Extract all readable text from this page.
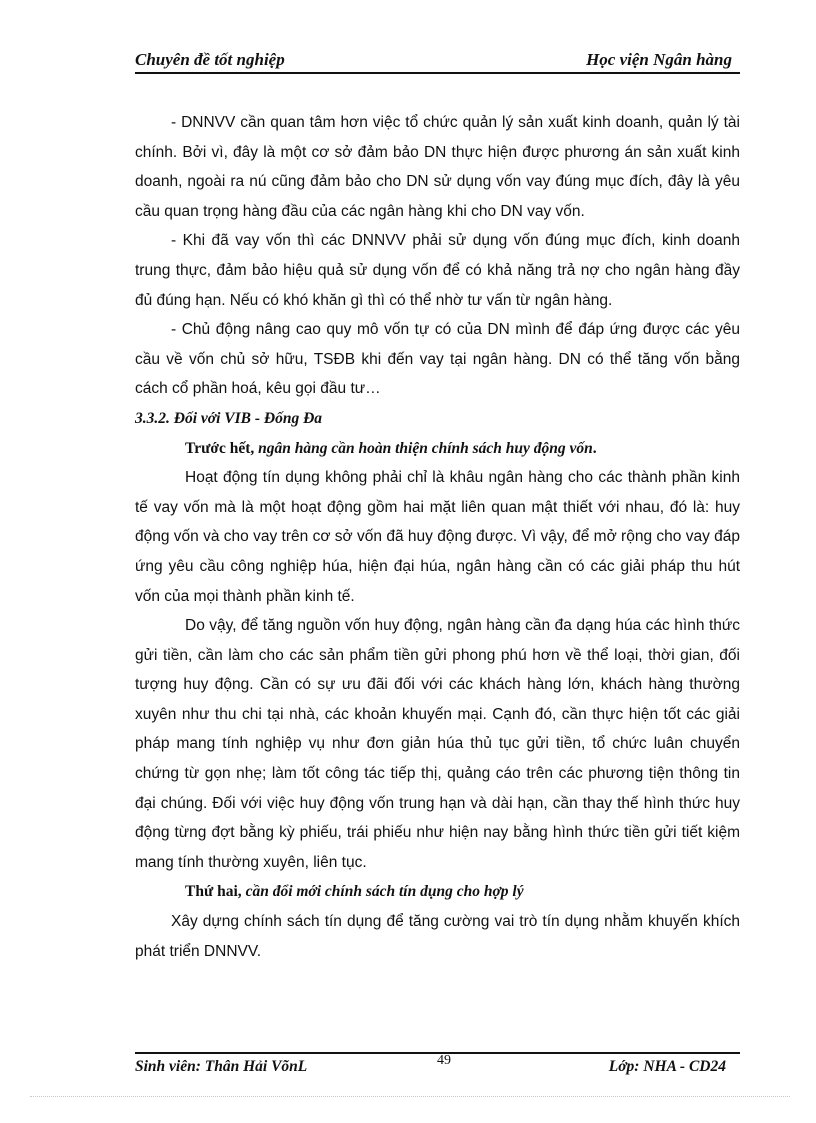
Chuyên đề tốt nghiệp	Học viện Ngân hàng

- DNNVV cần quan tâm hơn việc tổ chức quản lý sản xuất kinh doanh, quản lý tài chính. Bởi vì, đây là một cơ sở đảm bảo DN thực hiện được phương án sản xuất kinh doanh, ngoài ra nú cũng đảm bảo cho DN sử dụng vốn vay đúng mục đích, đây là yêu cầu quan trọng hàng đầu của các ngân hàng khi cho DN vay vốn.

- Khi đã vay vốn thì các DNNVV phải sử dụng vốn đúng mục đích, kinh doanh trung thực, đảm bảo hiệu quả sử dụng vốn để có khả năng trả nợ cho ngân hàng đầy đủ đúng hạn. Nếu có khó khăn gì thì có thể nhờ tư vấn từ ngân hàng.

- Chủ động nâng cao quy mô vốn tự có của DN mình để đáp ứng được các yêu cầu về vốn chủ sở hữu, TSĐB khi đến vay tại ngân hàng. DN có thể tăng vốn bằng cách cổ phần hoá, kêu gọi đầu tư…

3.3.2. Đối với VIB - Đống Đa

Trước hết, ngân hàng cần hoàn thiện chính sách huy động vốn.

Hoạt động tín dụng không phải chỉ là khâu ngân hàng cho các thành phần kinh tế vay vốn mà là một hoạt động gồm hai mặt liên quan mật thiết với nhau, đó là: huy động vốn và cho vay trên cơ sở vốn đã huy động được. Vì vậy, để mở rộng cho vay đáp ứng yêu cầu công nghiệp húa, hiện đại húa, ngân hàng cần có các giải pháp thu hút vốn của mọi thành phần kinh tế.

Do vậy, để tăng nguồn vốn huy động, ngân hàng cần đa dạng húa các hình thức gửi tiền, cần làm cho các sản phẩm tiền gửi phong phú hơn về thể loại, thời gian, đối tượng huy động. Cần có sự ưu đãi đối với các khách hàng lớn, khách hàng thường xuyên như thu chi tại nhà, các khoản khuyến mại. Cạnh đó, cần thực hiện tốt các giải pháp mang tính nghiệp vụ như đơn giản húa thủ tục gửi tiền, tổ chức luân chuyển chứng từ gọn nhẹ; làm tốt công tác tiếp thị, quảng cáo trên các phương tiện thông tin đại chúng. Đối với việc huy động vốn trung hạn và dài hạn, cần thay thế hình thức huy động từng đợt bằng kỳ phiếu, trái phiếu như hiện nay bằng hình thức tiền gửi tiết kiệm mang tính thường xuyên, liên tục.

Thứ hai, cần đổi mới chính sách tín dụng cho hợp lý

Xây dựng chính sách tín dụng để tăng cường vai trò tín dụng nhằm khuyến khích phát triển DNNVV.

Sinh viên: Thân Hải VõnL	49	Lớp: NHA - CD24
